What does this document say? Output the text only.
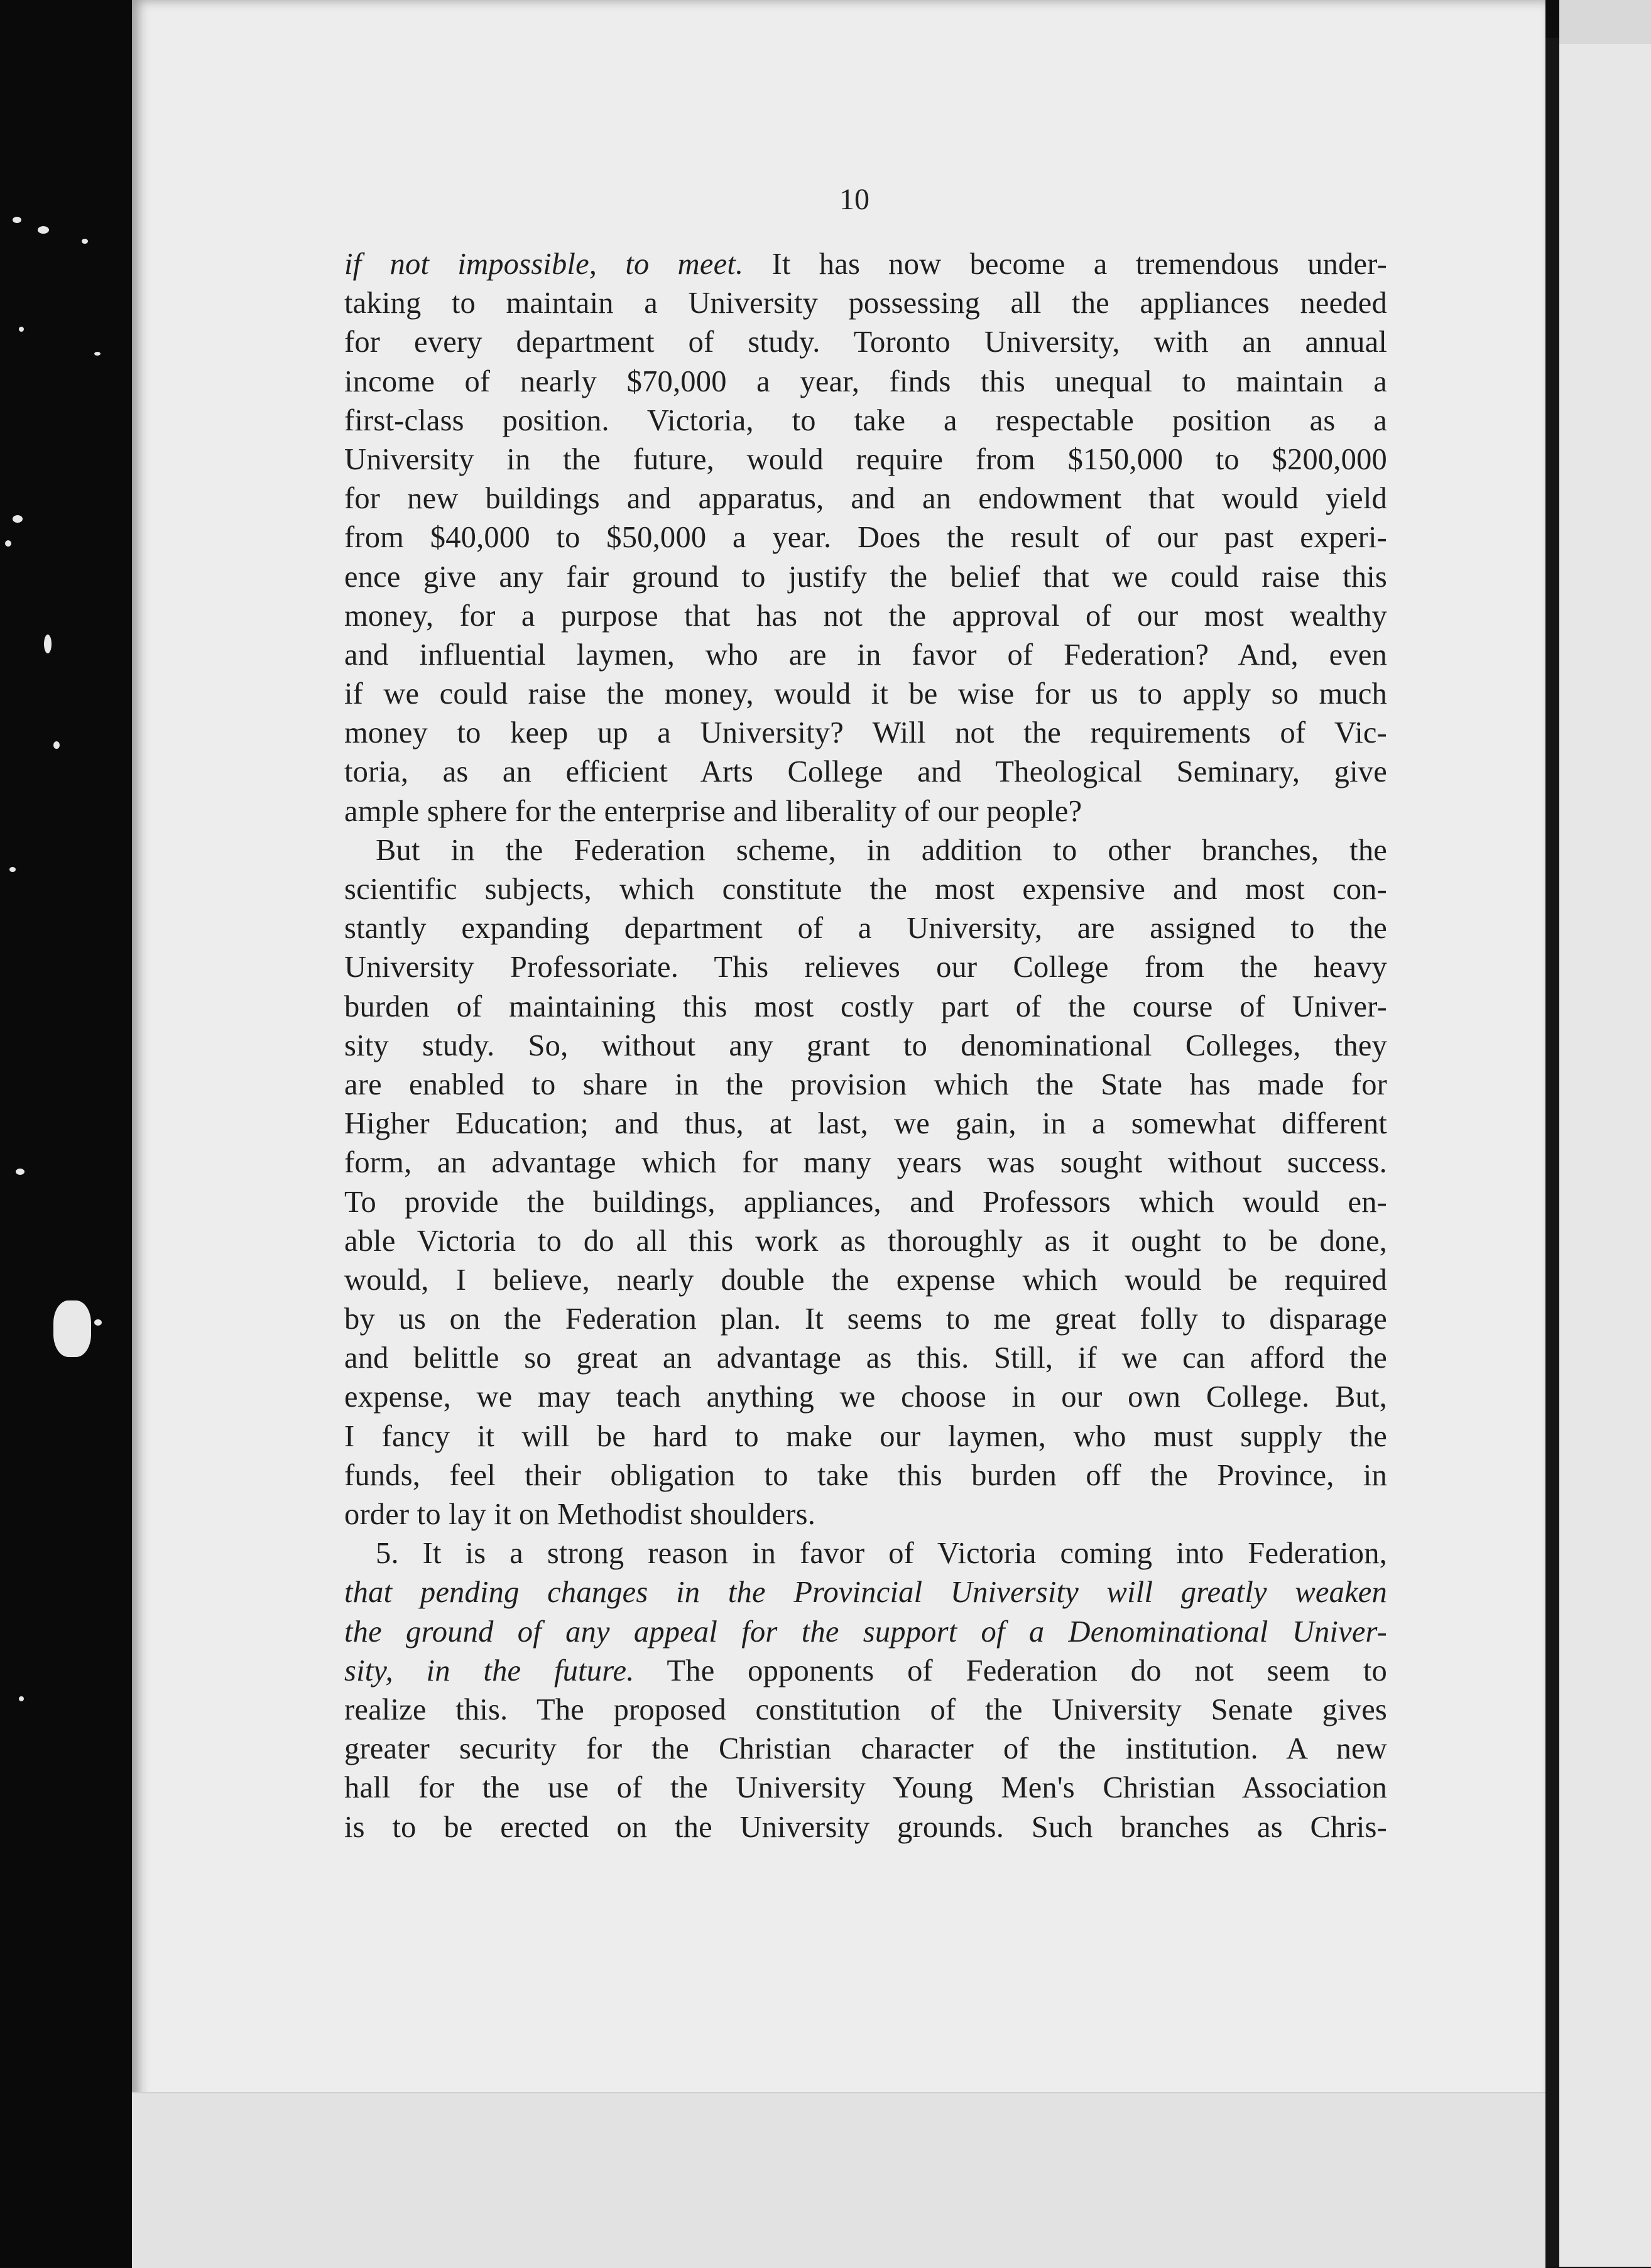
10
if not impossible, to meet. It has now become a tremendous under-
taking to maintain a University possessing all the appliances needed
for every department of study. Toronto University, with an annual
income of nearly $70,000 a year, finds this unequal to maintain a
first-class position. Victoria, to take a respectable position as a
University in the future, would require from $150,000 to $200,000
for new buildings and apparatus, and an endowment that would yield
from $40,000 to $50,000 a year. Does the result of our past experi-
ence give any fair ground to justify the belief that we could raise this
money, for a purpose that has not the approval of our most wealthy
and influential laymen, who are in favor of Federation? And, even
if we could raise the money, would it be wise for us to apply so much
money to keep up a University? Will not the requirements of Vic-
toria, as an efficient Arts College and Theological Seminary, give
ample sphere for the enterprise and liberality of our people?
But in the Federation scheme, in addition to other branches, the
scientific subjects, which constitute the most expensive and most con-
stantly expanding department of a University, are assigned to the
University Professoriate. This relieves our College from the heavy
burden of maintaining this most costly part of the course of Univer-
sity study. So, without any grant to denominational Colleges, they
are enabled to share in the provision which the State has made for
Higher Education; and thus, at last, we gain, in a somewhat different
form, an advantage which for many years was sought without success.
To provide the buildings, appliances, and Professors which would en-
able Victoria to do all this work as thoroughly as it ought to be done,
would, I believe, nearly double the expense which would be required
by us on the Federation plan. It seems to me great folly to disparage
and belittle so great an advantage as this. Still, if we can afford the
expense, we may teach anything we choose in our own College. But,
I fancy it will be hard to make our laymen, who must supply the
funds, feel their obligation to take this burden off the Province, in
order to lay it on Methodist shoulders.
5. It is a strong reason in favor of Victoria coming into Federation,
that pending changes in the Provincial University will greatly weaken
the ground of any appeal for the support of a Denominational Univer-
sity, in the future. The opponents of Federation do not seem to
realize this. The proposed constitution of the University Senate gives
greater security for the Christian character of the institution. A new
hall for the use of the University Young Men's Christian Association
is to be erected on the University grounds. Such branches as Chris-
